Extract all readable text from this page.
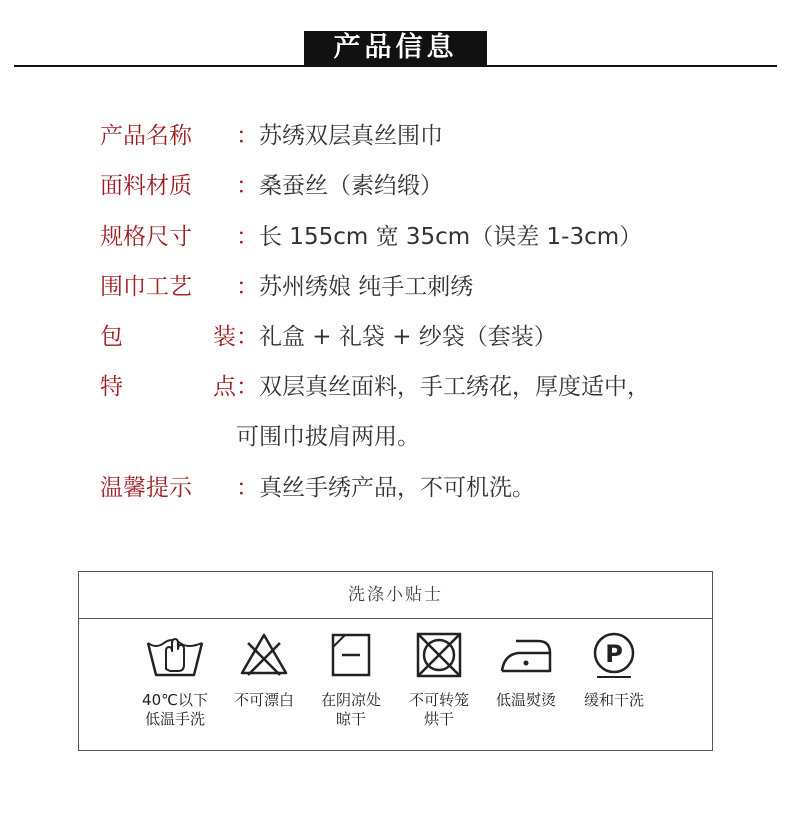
产品信息
产品名称 ：苏绣双层真丝围巾
面料材质 ：桑蚕丝（素绉缎）
规格尺寸 ：长 155cm 宽 35cm（误差 1-3cm）
围巾工艺 ：苏州绣娘 纯手工刺绣
包装：礼盒 + 礼袋 + 纱袋（套装）
特点：双层真丝面料，手工绣花，厚度适中，
可围巾披肩两用。
温馨提示 ：真丝手绣产品，不可机洗。
洗涤小贴士
40℃以下
低温手洗
不可漂白	在阴凉处
晾干
不可转笼
烘干
低温熨烫
P
缓和干洗
